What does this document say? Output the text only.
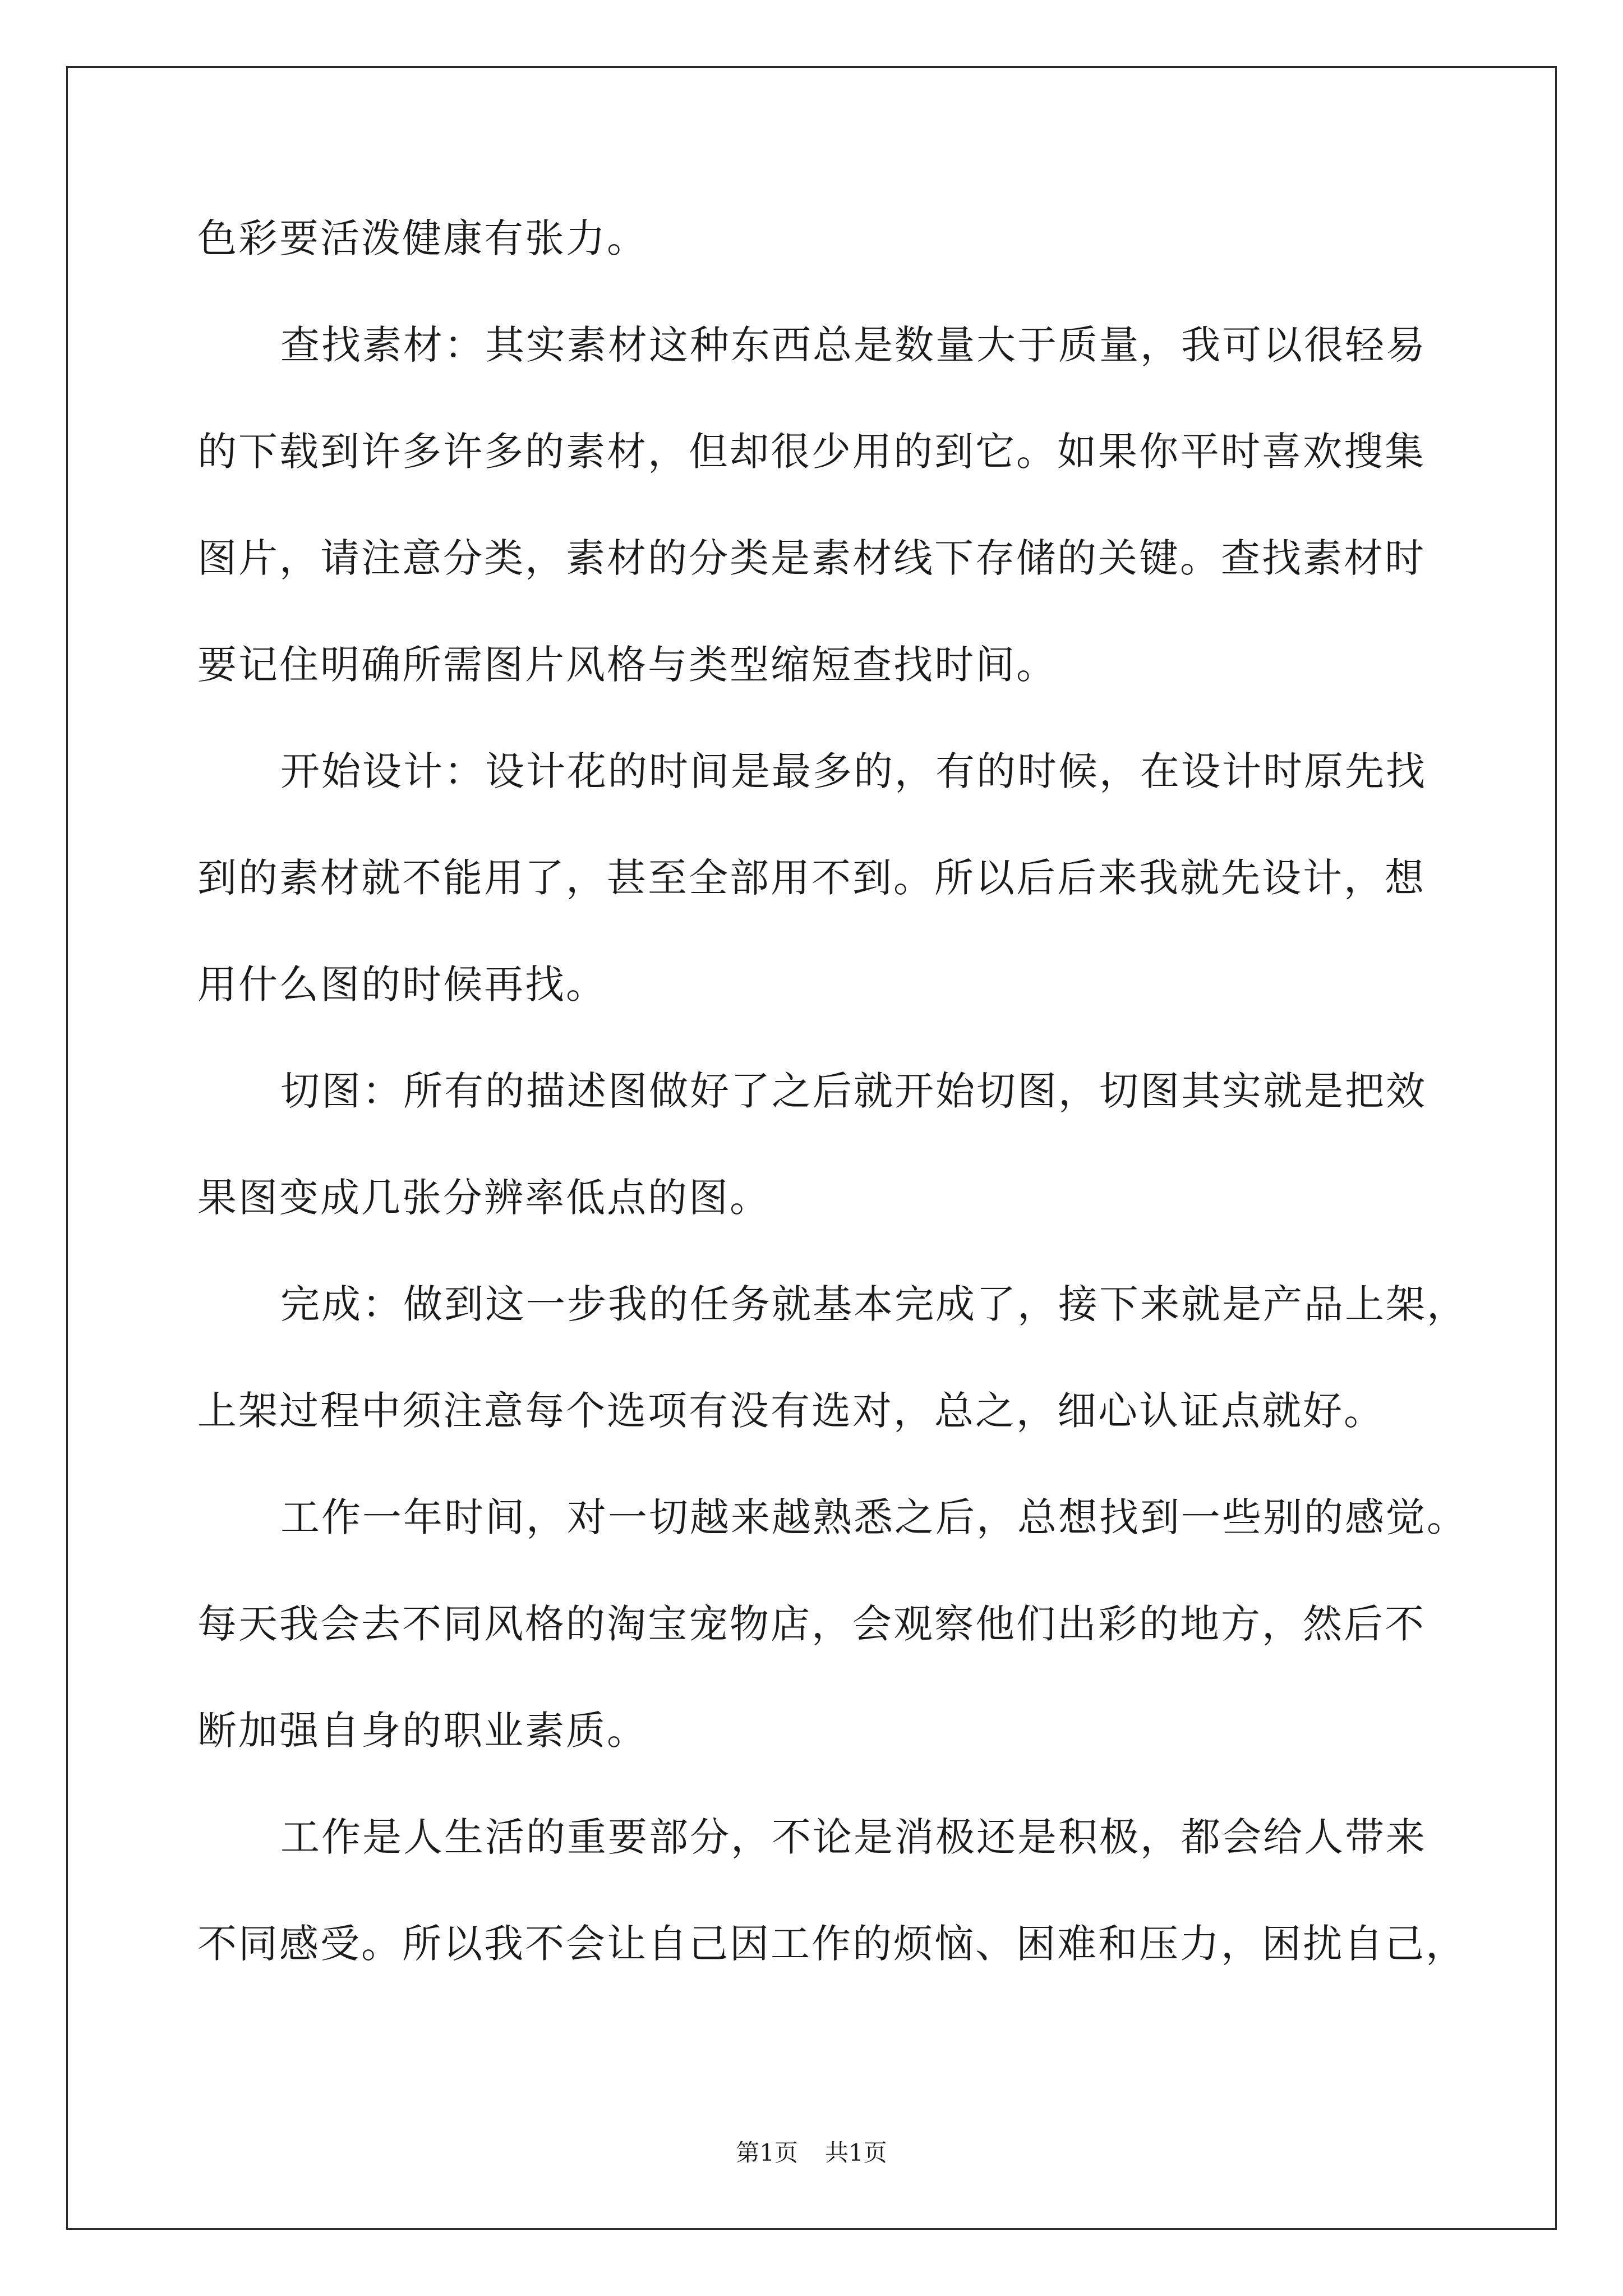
色彩要活泼健康有张力。
查找素材：其实素材这种东西总是数量大于质量，我可以很轻易
的下载到许多许多的素材，但却很少用的到它。如果你平时喜欢搜集
图片，请注意分类，素材的分类是素材线下存储的关键。查找素材时
要记住明确所需图片风格与类型缩短查找时间。
开始设计：设计花的时间是最多的，有的时候，在设计时原先找
到的素材就不能用了，甚至全部用不到。所以后后来我就先设计，想
用什么图的时候再找。
切图：所有的描述图做好了之后就开始切图，切图其实就是把效
果图变成几张分辨率低点的图。
完成：做到这一步我的任务就基本完成了，接下来就是产品上架，
上架过程中须注意每个选项有没有选对，总之，细心认证点就好。
工作一年时间，对一切越来越熟悉之后，总想找到一些别的感觉。
每天我会去不同风格的淘宝宠物店，会观察他们出彩的地方，然后不
断加强自身的职业素质。
工作是人生活的重要部分，不论是消极还是积极，都会给人带来
不同感受。所以我不会让自己因工作的烦恼、困难和压力，困扰自己，
第1页 共1页
